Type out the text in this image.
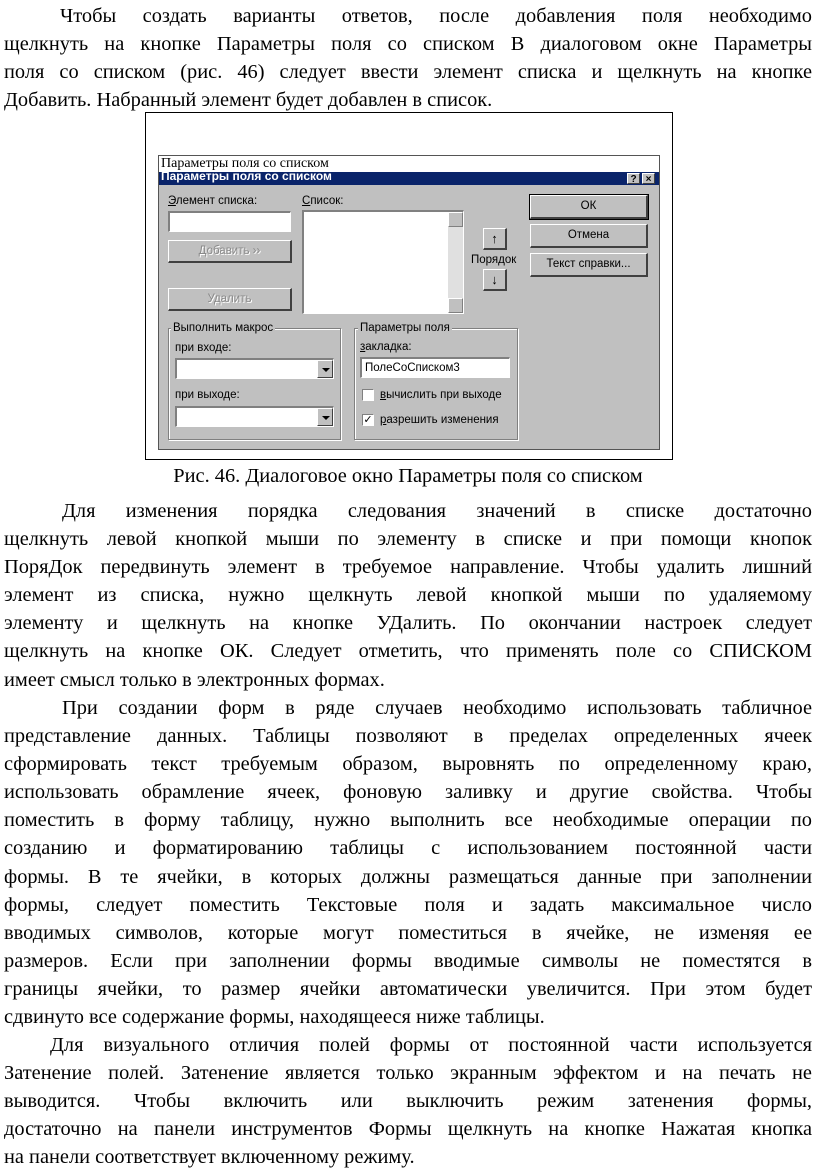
Чтобы создать варианты ответов, после добавления поля необходимо
щелкнуть на кнопке Параметры поля со списком В диалоговом окне Параметры
поля со списком (рис. 46) следует ввести элемент списка и щелкнуть на кнопке
Добавить. Набранный элемент будет добавлен в список.
Параметры поля со списком
Параметры поля со списком	? ×
Элемент списка:
Добавить ››
Удалить
Список:
↑
Порядок
↓
ОК
Отмена
Текст справки...
Выполнить макрос
при входе:
при выходе:
Параметры поля
закладка:
ПолеСоСписком3
вычислить при выходе
✓ разрешить изменения

Рис. 46. Диалоговое окно Параметры поля со списком

Для изменения порядка следования значений в списке достаточно
щелкнуть левой кнопкой мыши по элементу в списке и при помощи кнопок
ПоряДок передвинуть элемент в требуемое направление. Чтобы удалить лишний
элемент из списка, нужно щелкнуть левой кнопкой мыши по удаляемому
элементу и щелкнуть на кнопке УДалить. По окончании настроек следует
щелкнуть на кнопке ОК. Следует отметить, что применять поле со СПИСКОМ
имеет смысл только в электронных формах.
При создании форм в ряде случаев необходимо использовать табличное
представление данных. Таблицы позволяют в пределах определенных ячеек
сформировать текст требуемым образом, выровнять по определенному краю,
использовать обрамление ячеек, фоновую заливку и другие свойства. Чтобы
поместить в форму таблицу, нужно выполнить все необходимые операции по
созданию и форматированию таблицы с использованием постоянной части
формы. В те ячейки, в которых должны размещаться данные при заполнении
формы, следует поместить Текстовые поля и задать максимальное число
вводимых символов, которые могут поместиться в ячейке, не изменяя ее
размеров. Если при заполнении формы вводимые символы не поместятся в
границы ячейки, то размер ячейки автоматически увеличится. При этом будет
сдвинуто все содержание формы, находящееся ниже таблицы.
Для визуального отличия полей формы от постоянной части используется
Затенение полей. Затенение является только экранным эффектом и на печать не
выводится. Чтобы включить или выключить режим затенения формы,
достаточно на панели инструментов Формы щелкнуть на кнопке Нажатая кнопка
на панели соответствует включенному режиму.
